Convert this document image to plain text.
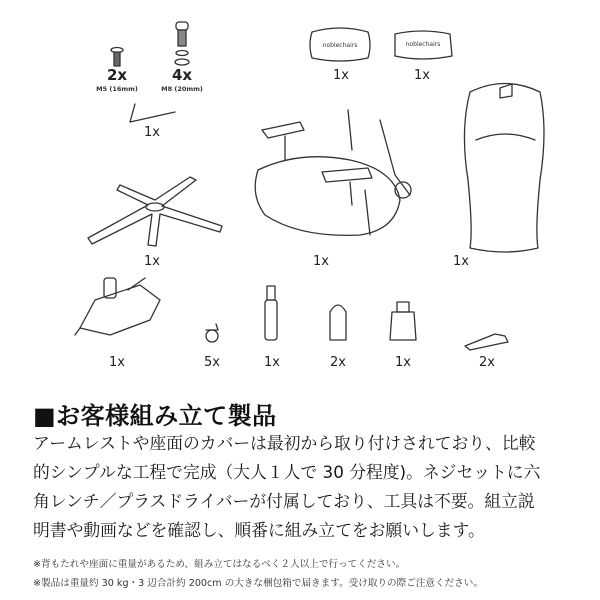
noblechairs	noblechairs
2x
M5 (16mm)
4x
M8 (20mm)
1x	1x
1x
1x	1x	1x
1x	5x	1x	2x	1x	2x
■お客様組み立て製品
アームレストや座面のカバーは最初から取り付けされており、比較
的シンプルな工程で完成（大人１人で 30 分程度)。ネジセットに六
角レンチ／プラスドライバーが付属しており、工具は不要。組立説
明書や動画などを確認し、順番に組み立てをお願いします。
※背もたれや座面に重量があるため、組み立てはなるべく２人以上で行ってください。
※製品は重量約 30 kg・3 辺合計約 200cm の大きな梱包箱で届きます。受け取りの際ご注意ください。
